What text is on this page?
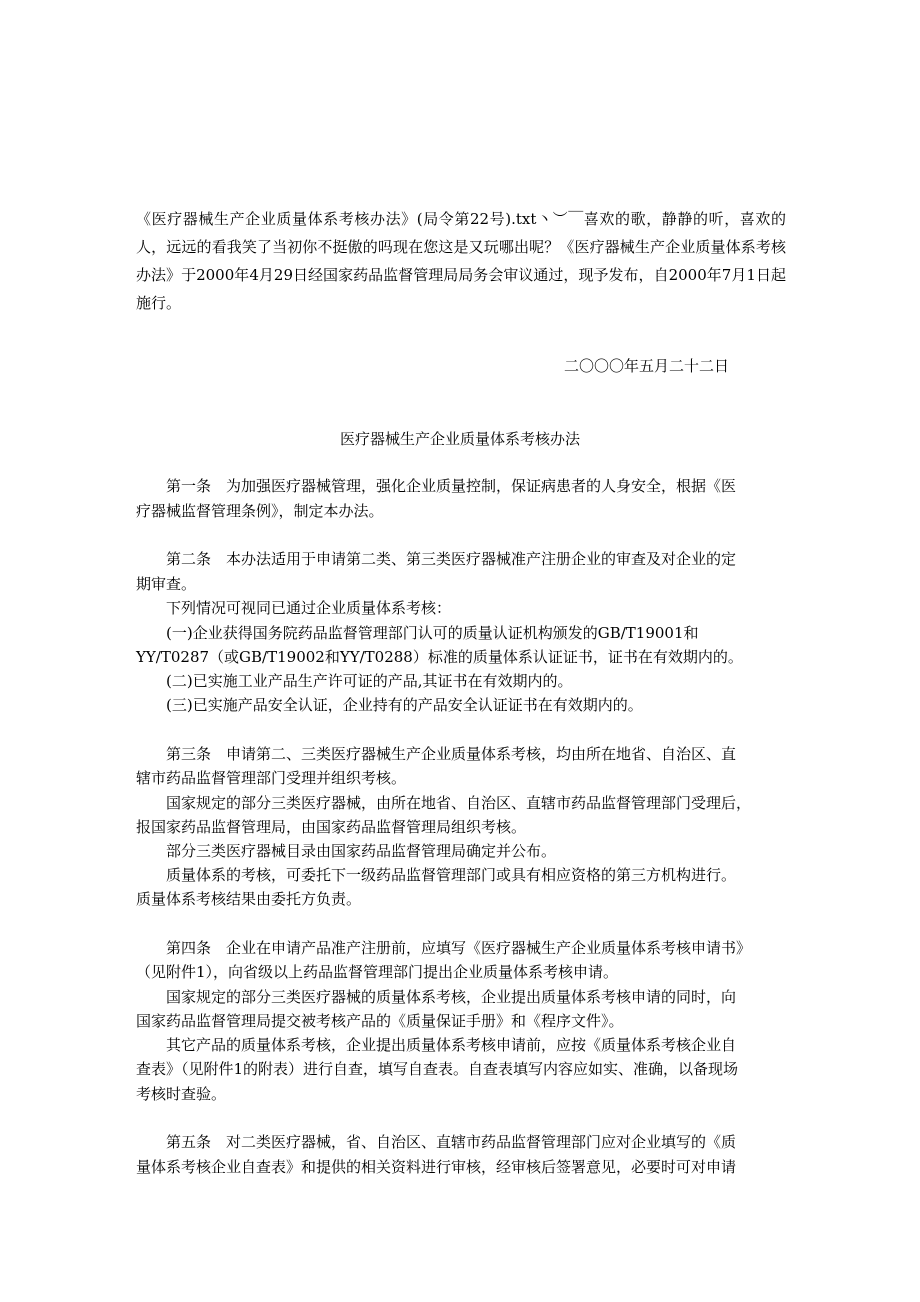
《医疗器械生产企业质量体系考核办法》(局令第22号).txt丶︶￣喜欢的歌，静静的听，喜欢的人，远远的看我笑了当初你不挺傲的吗现在您这是又玩哪出呢？《医疗器械生产企业质量体系考核办法》于2000年4月29日经国家药品监督管理局局务会审议通过，现予发布，自2000年7月1日起施行。
二〇〇〇年五月二十二日
医疗器械生产企业质量体系考核办法
第一条　为加强医疗器械管理，强化企业质量控制，保证病患者的人身安全，根据《医
疗器械监督管理条例》，制定本办法。
第二条　本办法适用于申请第二类、第三类医疗器械准产注册企业的审查及对企业的定
期审查。
下列情况可视同已通过企业质量体系考核：
(一)企业获得国务院药品监督管理部门认可的质量认证机构颁发的GB/T19001和
YY/T0287（或GB/T19002和YY/T0288）标准的质量体系认证证书，证书在有效期内的。
(二)已实施工业产品生产许可证的产品,其证书在有效期内的。
(三)已实施产品安全认证，企业持有的产品安全认证证书在有效期内的。
第三条　申请第二、三类医疗器械生产企业质量体系考核，均由所在地省、自治区、直
辖市药品监督管理部门受理并组织考核。
国家规定的部分三类医疗器械，由所在地省、自治区、直辖市药品监督管理部门受理后，
报国家药品监督管理局，由国家药品监督管理局组织考核。
部分三类医疗器械目录由国家药品监督管理局确定并公布。
质量体系的考核，可委托下一级药品监督管理部门或具有相应资格的第三方机构进行。
质量体系考核结果由委托方负责。
第四条　企业在申请产品准产注册前，应填写《医疗器械生产企业质量体系考核申请书》
（见附件1），向省级以上药品监督管理部门提出企业质量体系考核申请。
国家规定的部分三类医疗器械的质量体系考核，企业提出质量体系考核申请的同时，向
国家药品监督管理局提交被考核产品的《质量保证手册》和《程序文件》。
其它产品的质量体系考核，企业提出质量体系考核申请前，应按《质量体系考核企业自
查表》（见附件1的附表）进行自查，填写自查表。自查表填写内容应如实、准确，以备现场
考核时查验。
第五条　对二类医疗器械，省、自治区、直辖市药品监督管理部门应对企业填写的《质
量体系考核企业自查表》和提供的相关资料进行审核，经审核后签署意见，必要时可对申请
